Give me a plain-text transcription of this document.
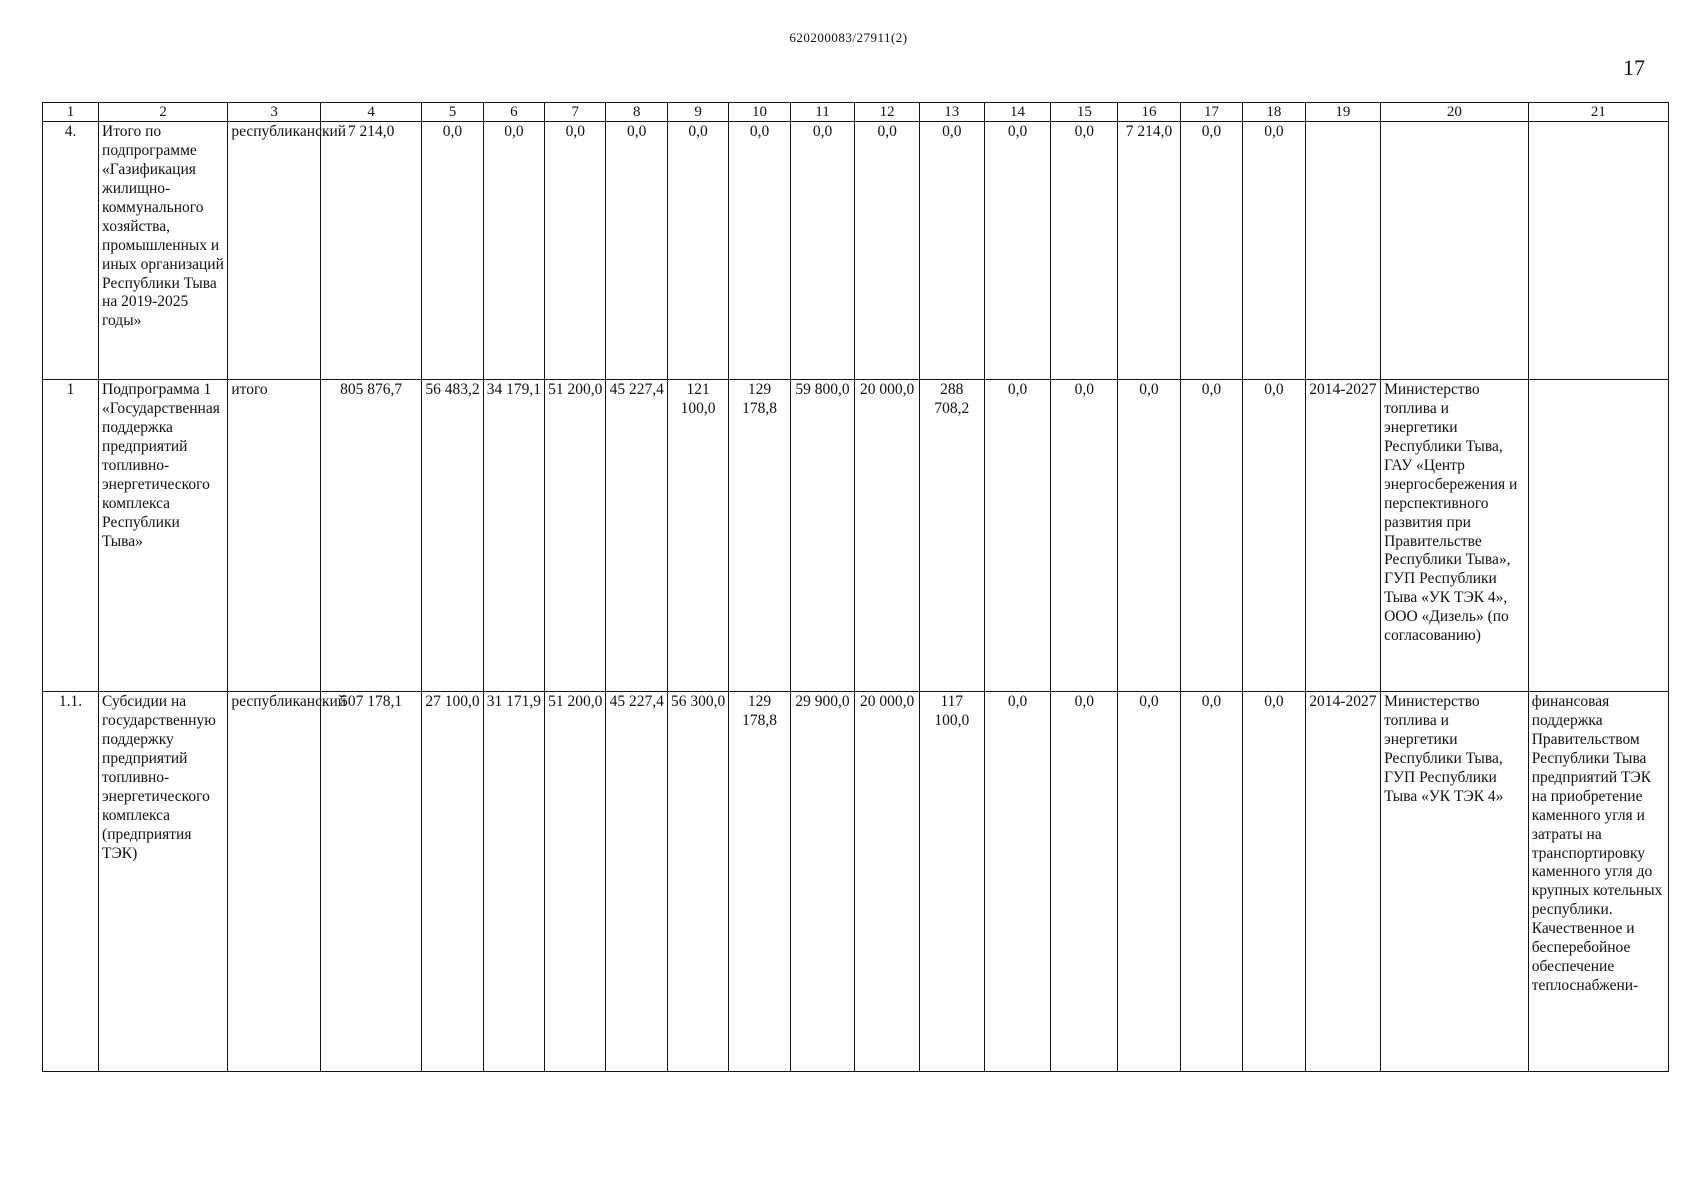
620200083/27911(2)
17
1	2	3	4	5	6	7	8	9	10	11	12	13	14	15	16	17	18	19	20	21
4.	Итого по подпрограмме «Газификация жилищно-коммунального хозяйства, промышленных и иных организаций Республики Тыва на 2019-2025 годы»	республиканский	7 214,0	0,0	0,0	0,0	0,0	0,0	0,0	0,0	0,0	0,0	0,0	0,0	7 214,0	0,0	0,0			
1	Подпрограмма 1 «Государственная поддержка предприятий топливно-энергетического комплекса Республики Тыва»	итого	805 876,7	56 483,2	34 179,1	51 200,0	45 227,4	121 100,0	129 178,8	59 800,0	20 000,0	288 708,2	0,0	0,0	0,0	0,0	0,0	2014-2027	Министерство топлива и энергетики Республики Тыва, ГАУ «Центр энергосбережения и перспективного развития при Правительстве Республики Тыва», ГУП Республики Тыва «УК ТЭК 4», ООО «Дизель» (по согласованию)	
1.1.	Субсидии на государственную поддержку предприятий топливно-энергетического комплекса (предприятия ТЭК)	республиканский	507 178,1	27 100,0	31 171,9	51 200,0	45 227,4	56 300,0	129 178,8	29 900,0	20 000,0	117 100,0	0,0	0,0	0,0	0,0	0,0	2014-2027	Министерство топлива и энергетики Республики Тыва, ГУП Республики Тыва «УК ТЭК 4»	финансовая поддержка Правительством Республики Тыва предприятий ТЭК на приобретение каменного угля и затраты на транспортировку каменного угля до крупных котельных республики. Качественное и бесперебойное обеспечение теплоснабжени-
